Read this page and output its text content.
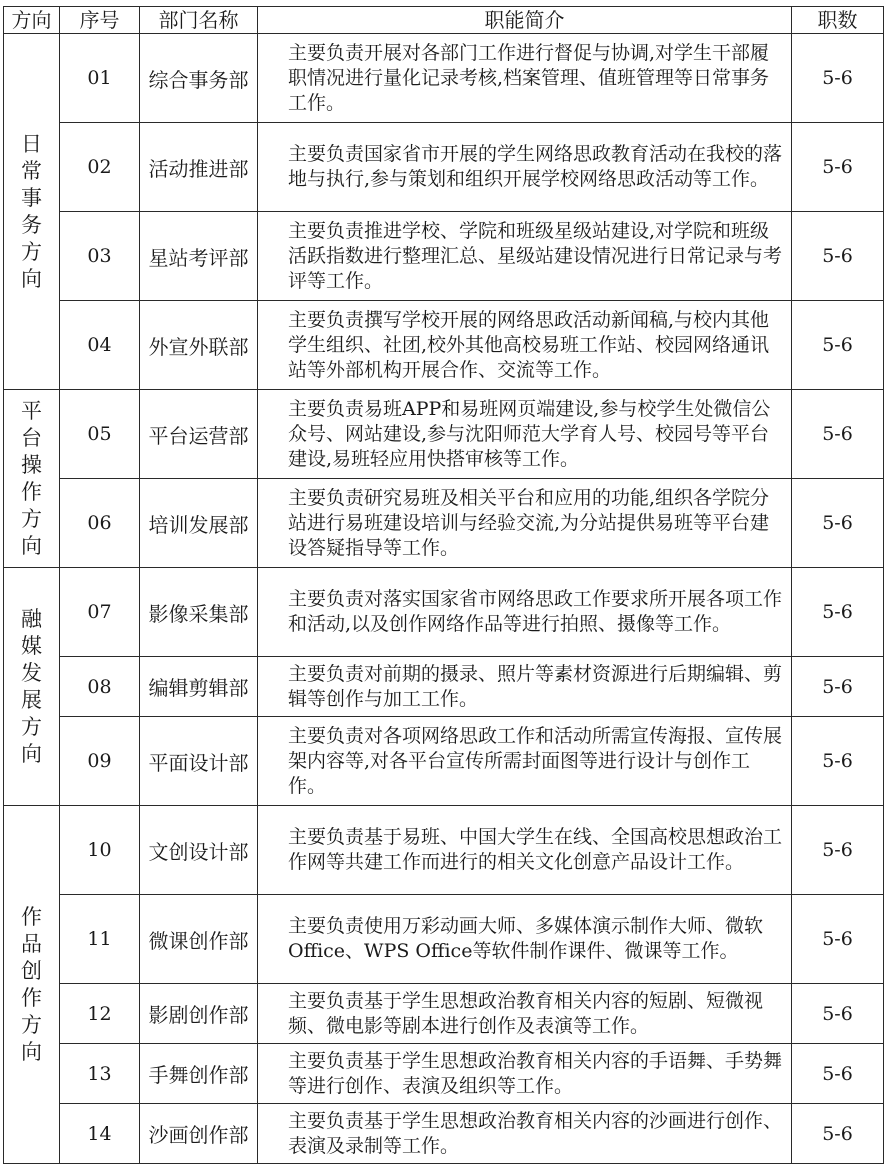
方向	序号	部门名称	职能简介	职数
日常事务方向	01	综合事务部	主要负责开展对各部门工作进行督促与协调,对学生干部履职情况进行量化记录考核,档案管理、值班管理等日常事务工作。	5-6
	02	活动推进部	主要负责国家省市开展的学生网络思政教育活动在我校的落地与执行,参与策划和组织开展学校网络思政活动等工作。	5-6
	03	星站考评部	主要负责推进学校、学院和班级星级站建设,对学院和班级活跃指数进行整理汇总、星级站建设情况进行日常记录与考评等工作。	5-6
	04	外宣外联部	主要负责撰写学校开展的网络思政活动新闻稿,与校内其他学生组织、社团,校外其他高校易班工作站、校园网络通讯站等外部机构开展合作、交流等工作。	5-6
平台操作方向	05	平台运营部	主要负责易班APP和易班网页端建设,参与校学生处微信公众号、网站建设,参与沈阳师范大学育人号、校园号等平台建设,易班轻应用快搭审核等工作。	5-6
	06	培训发展部	主要负责研究易班及相关平台和应用的功能,组织各学院分站进行易班建设培训与经验交流,为分站提供易班等平台建设答疑指导等工作。	5-6
融媒发展方向	07	影像采集部	主要负责对落实国家省市网络思政工作要求所开展各项工作和活动,以及创作网络作品等进行拍照、摄像等工作。	5-6
	08	编辑剪辑部	主要负责对前期的摄录、照片等素材资源进行后期编辑、剪辑等创作与加工工作。	5-6
	09	平面设计部	主要负责对各项网络思政工作和活动所需宣传海报、宣传展架内容等,对各平台宣传所需封面图等进行设计与创作工作。	5-6
作品创作方向	10	文创设计部	主要负责基于易班、中国大学生在线、全国高校思想政治工作网等共建工作而进行的相关文化创意产品设计工作。	5-6
	11	微课创作部	主要负责使用万彩动画大师、多媒体演示制作大师、微软Office、WPS Office等软件制作课件、微课等工作。	5-6
	12	影剧创作部	主要负责基于学生思想政治教育相关内容的短剧、短微视频、微电影等剧本进行创作及表演等工作。	5-6
	13	手舞创作部	主要负责基于学生思想政治教育相关内容的手语舞、手势舞等进行创作、表演及组织等工作。	5-6
	14	沙画创作部	主要负责基于学生思想政治教育相关内容的沙画进行创作、表演及录制等工作。	5-6
